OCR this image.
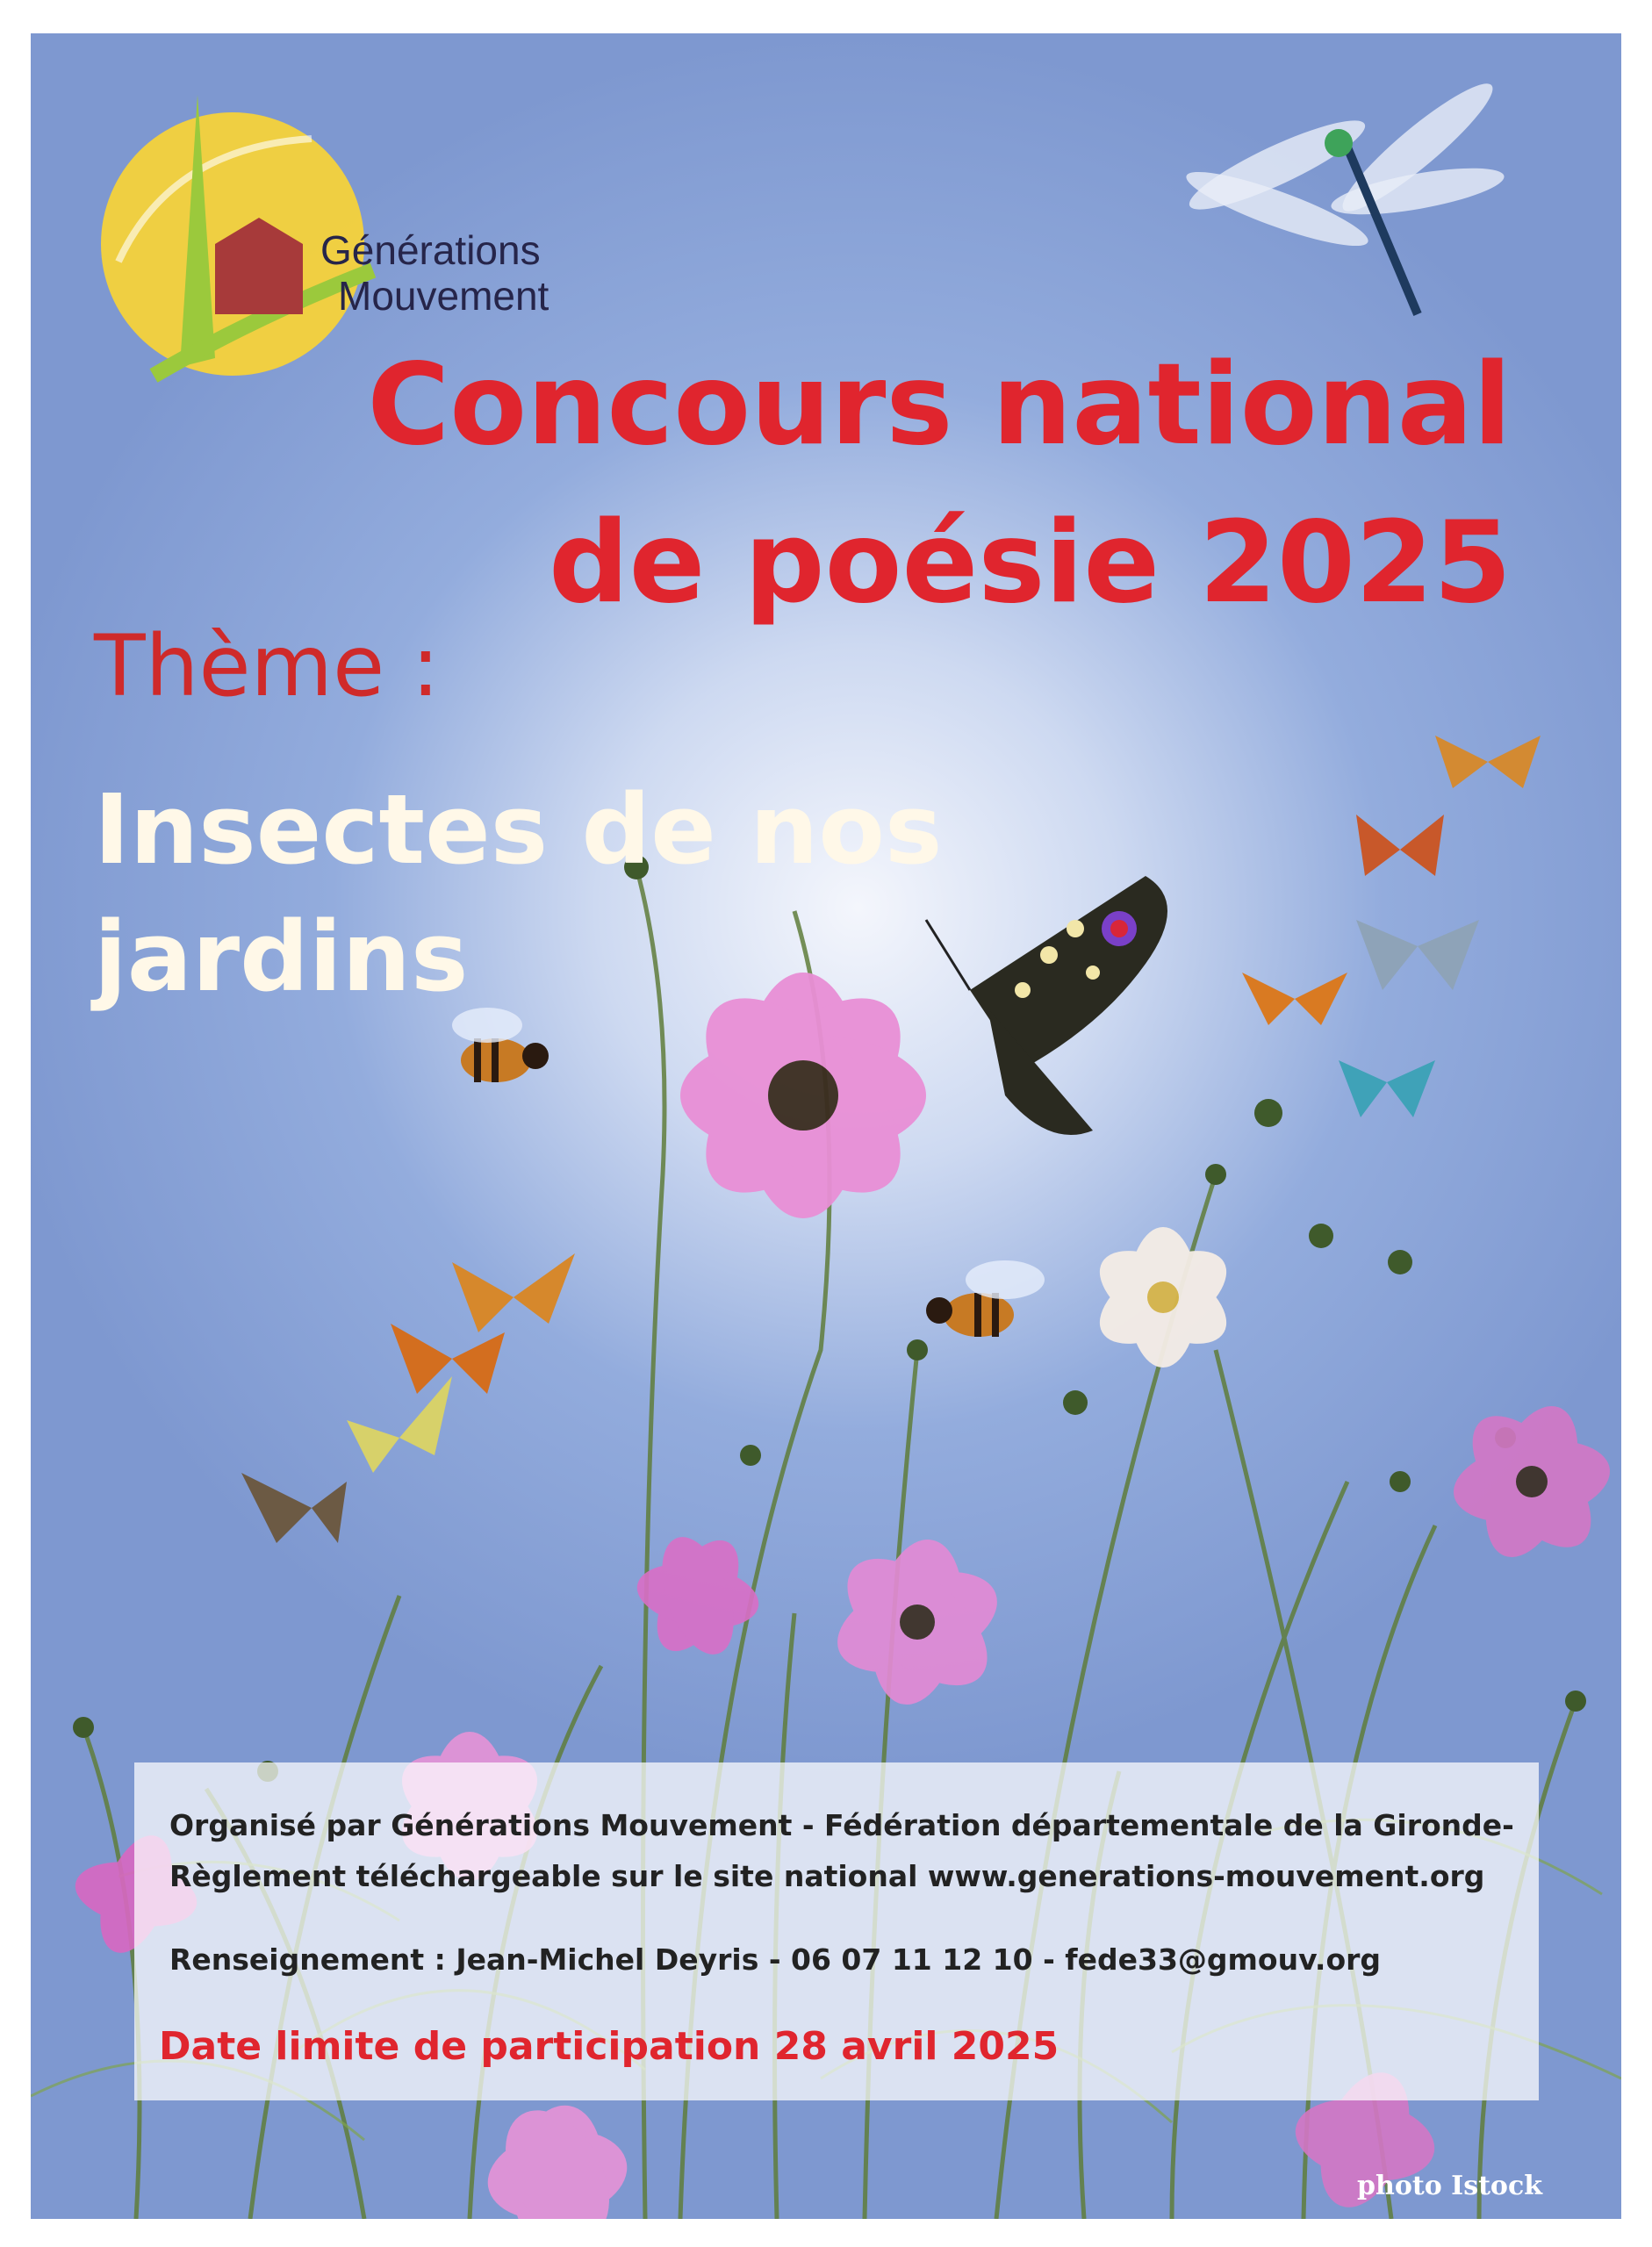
Générations
Mouvement
Concours national
de poésie 2025
Thème :
Insectes de nos jardins
Organisé par Générations Mouvement - Fédération départementale de la Gironde-
Règlement téléchargeable sur le site national www.generations-mouvement.org
Renseignement : Jean-Michel Deyris - 06 07 11 12 10 - fede33@gmouv.org
Date limite de participation 28 avril 2025
photo Istock
